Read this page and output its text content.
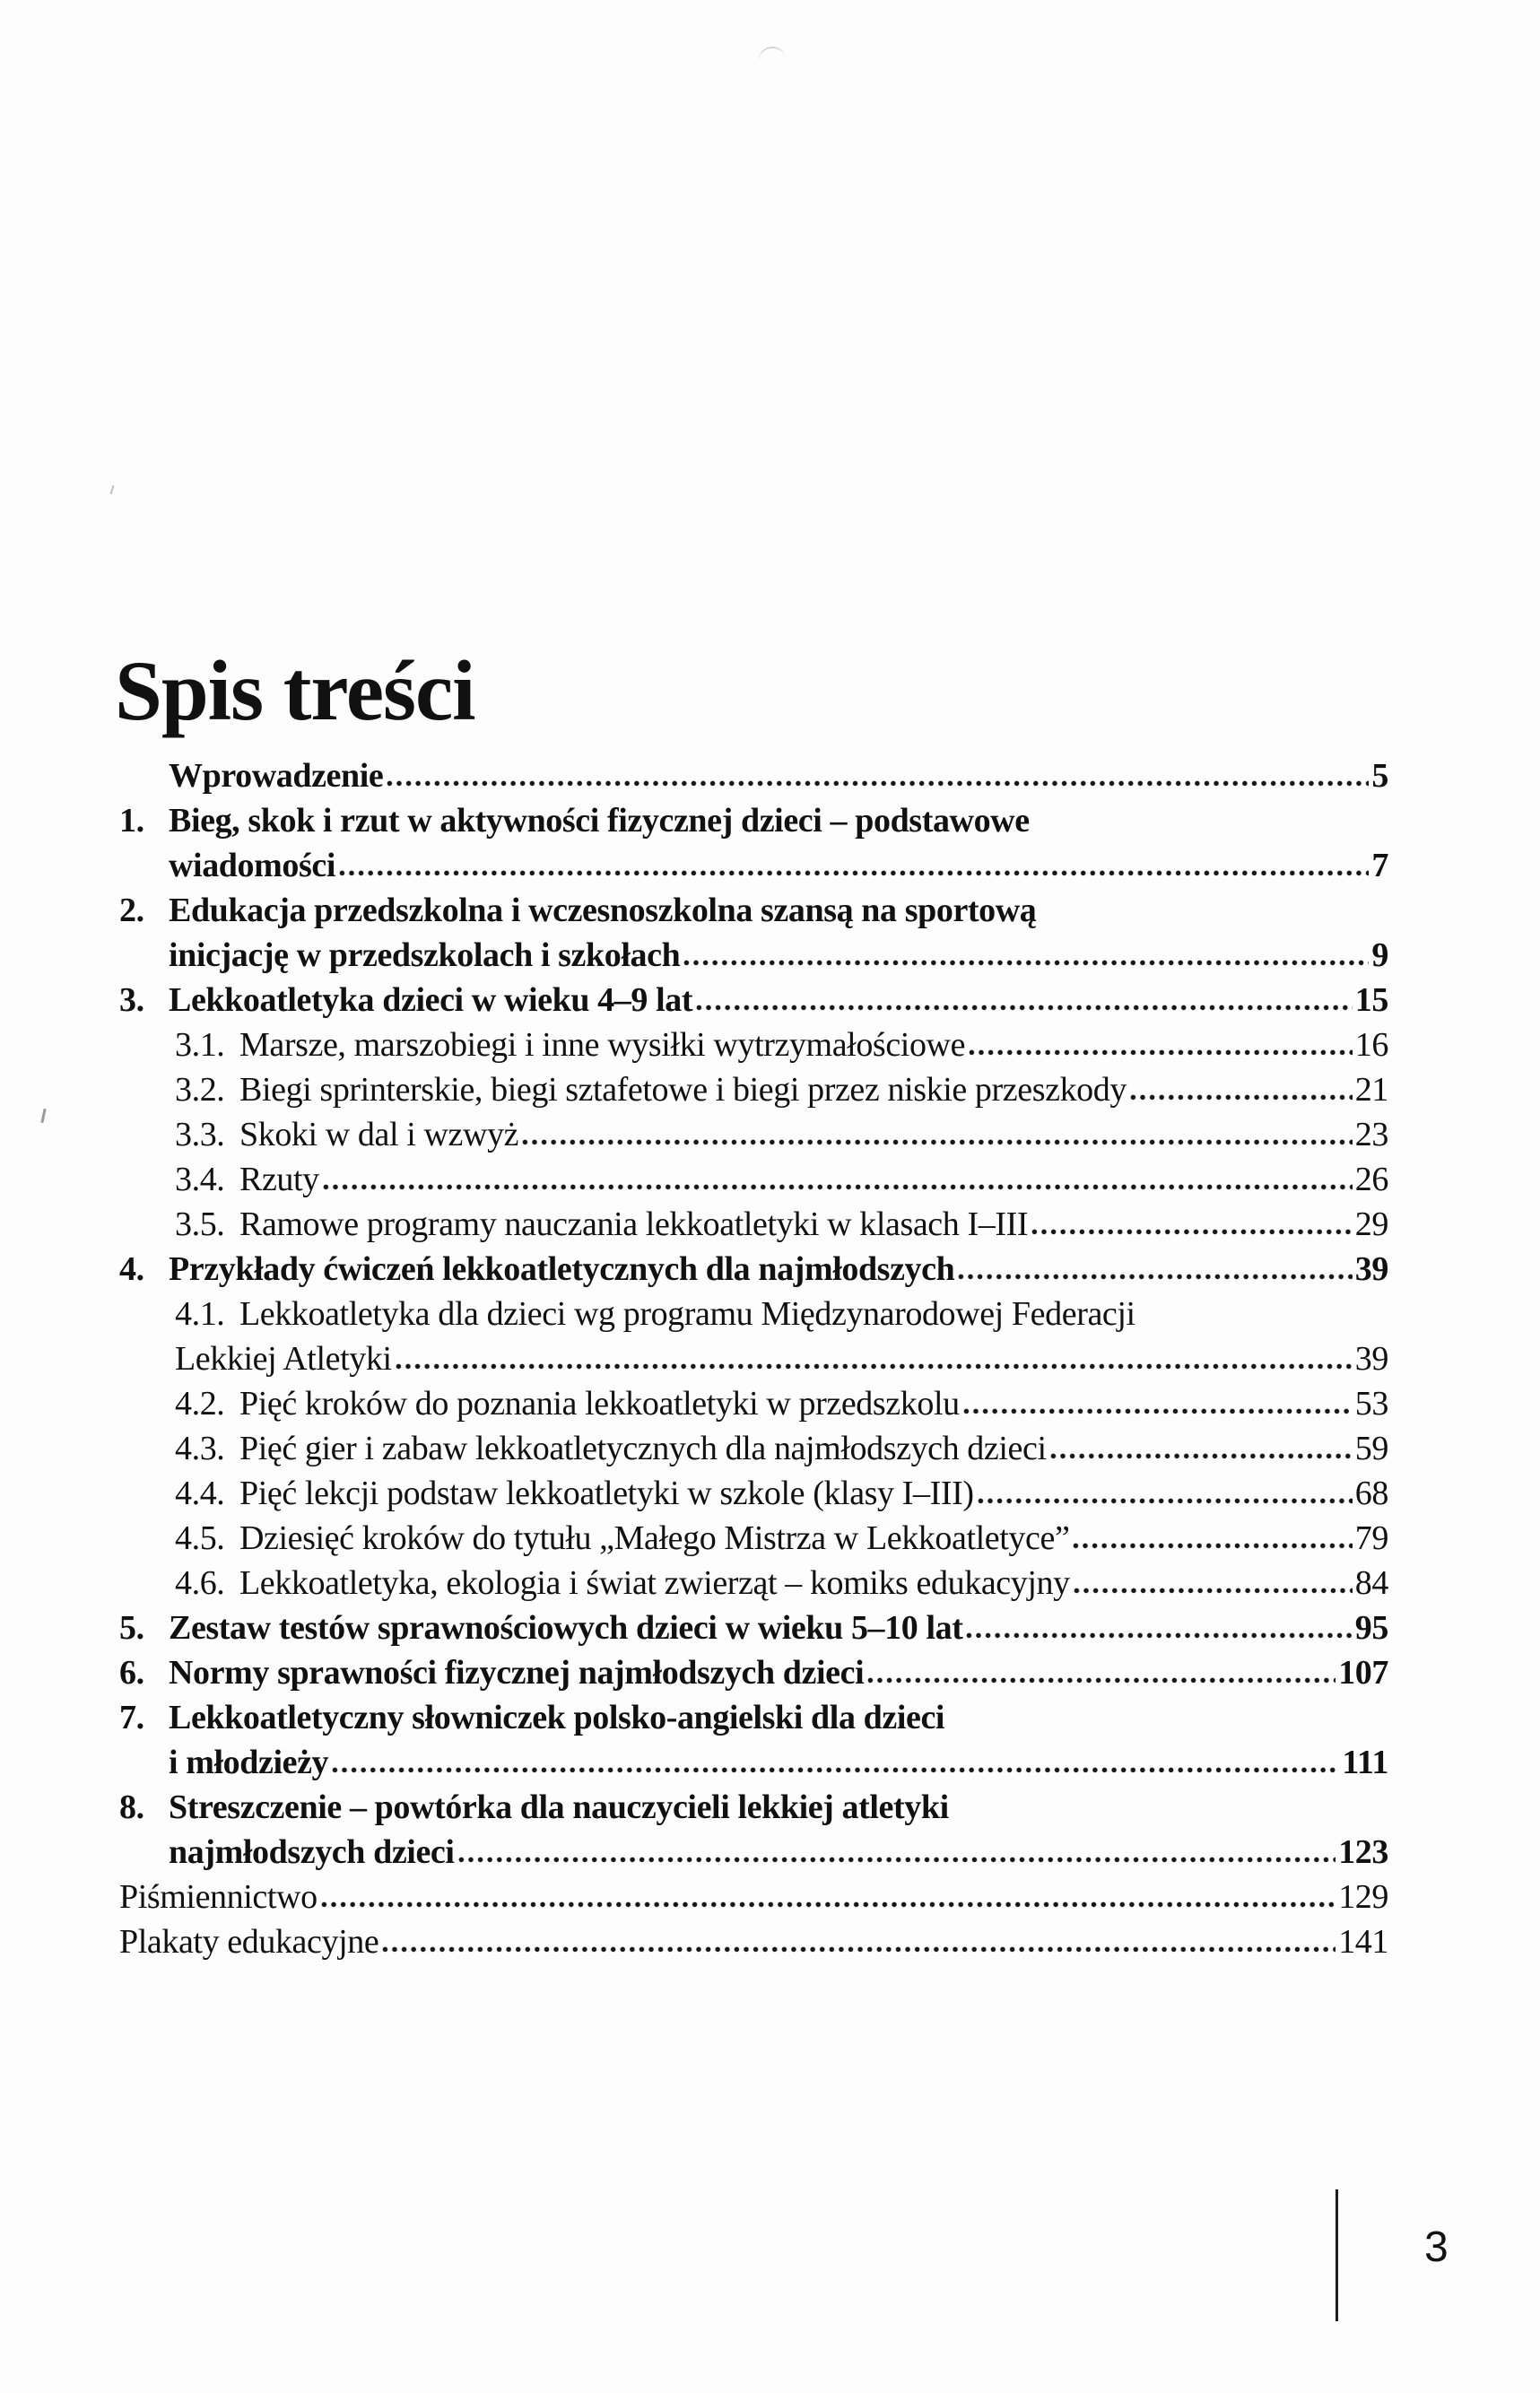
Spis treści
Wprowadzenie	5
1. Bieg, skok i rzut w aktywności fizycznej dzieci – podstawowe
wiadomości	7
2. Edukacja przedszkolna i wczesnoszkolna szansą na sportową
inicjację w przedszkolach i szkołach	9
3. Lekkoatletyka dzieci w wieku 4–9 lat	15
3.1. Marsze, marszobiegi i inne wysiłki wytrzymałościowe	16
3.2. Biegi sprinterskie, biegi sztafetowe i biegi przez niskie przeszkody	21
3.3. Skoki w dal i wzwyż	23
3.4. Rzuty	26
3.5. Ramowe programy nauczania lekkoatletyki w klasach I–III	29
4. Przykłady ćwiczeń lekkoatletycznych dla najmłodszych	39
4.1. Lekkoatletyka dla dzieci wg programu Międzynarodowej Federacji
Lekkiej Atletyki	39
4.2. Pięć kroków do poznania lekkoatletyki w przedszkolu	53
4.3. Pięć gier i zabaw lekkoatletycznych dla najmłodszych dzieci	59
4.4. Pięć lekcji podstaw lekkoatletyki w szkole (klasy I–III)	68
4.5. Dziesięć kroków do tytułu „Małego Mistrza w Lekkoatletyce”	79
4.6. Lekkoatletyka, ekologia i świat zwierząt – komiks edukacyjny	84
5. Zestaw testów sprawnościowych dzieci w wieku 5–10 lat	95
6. Normy sprawności fizycznej najmłodszych dzieci	107
7. Lekkoatletyczny słowniczek polsko-angielski dla dzieci
i młodzieży	111
8. Streszczenie – powtórka dla nauczycieli lekkiej atletyki
najmłodszych dzieci	123
Piśmiennictwo	129
Plakaty edukacyjne	141
3
